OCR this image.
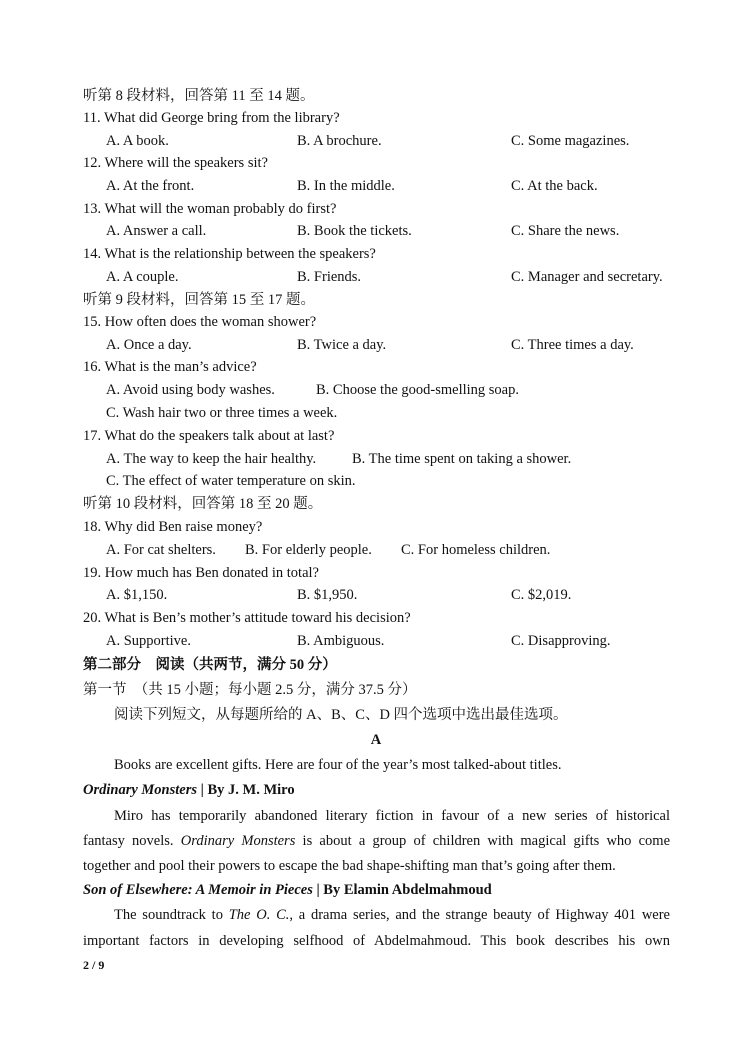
听第 8 段材料，回答第 11 至 14 题。
11. What did George bring from the library?
A. A book.	B. A brochure.	C. Some magazines.
12. Where will the speakers sit?
A. At the front.	B. In the middle.	C. At the back.
13. What will the woman probably do first?
A. Answer a call.	B. Book the tickets.	C. Share the news.
14. What is the relationship between the speakers?
A. A couple.	B. Friends.	C. Manager and secretary.
听第 9 段材料，回答第 15 至 17 题。
15. How often does the woman shower?
A. Once a day.	B. Twice a day.	C. Three times a day.
16. What is the man’s advice?
A. Avoid using body washes.	B. Choose the good-smelling soap.
C. Wash hair two or three times a week.
17. What do the speakers talk about at last?
A. The way to keep the hair healthy. B. The time spent on taking a shower.
C. The effect of water temperature on skin.
听第 10 段材料，回答第 18 至 20 题。
18. Why did Ben raise money?
A. For cat shelters. B. For elderly people. C. For homeless children.
19. How much has Ben donated in total?
A. $1,150.	B. $1,950.	C. $2,019.
20. What is Ben’s mother’s attitude toward his decision?
A. Supportive.	B. Ambiguous.	C. Disapproving.
第二部分　阅读（共两节，满分 50 分）
第一节　（共 15 小题；每小题 2.5 分，满分 37.5 分）
阅读下列短文，从每题所给的 A、B、C、D 四个选项中选出最佳选项。
A
Books are excellent gifts. Here are four of the year’s most talked-about titles.
Ordinary Monsters | By J. M. Miro
Miro has temporarily abandoned literary fiction in favour of a new series of historical
fantasy novels. Ordinary Monsters is about a group of children with magical gifts who come
together and pool their powers to escape the bad shape-shifting man that’s going after them.
Son of Elsewhere: A Memoir in Pieces | By Elamin Abdelmahmoud
The soundtrack to The O. C., a drama series, and the strange beauty of Highway 401 were
important factors in developing selfhood of Abdelmahmoud. This book describes his own
2 / 9
